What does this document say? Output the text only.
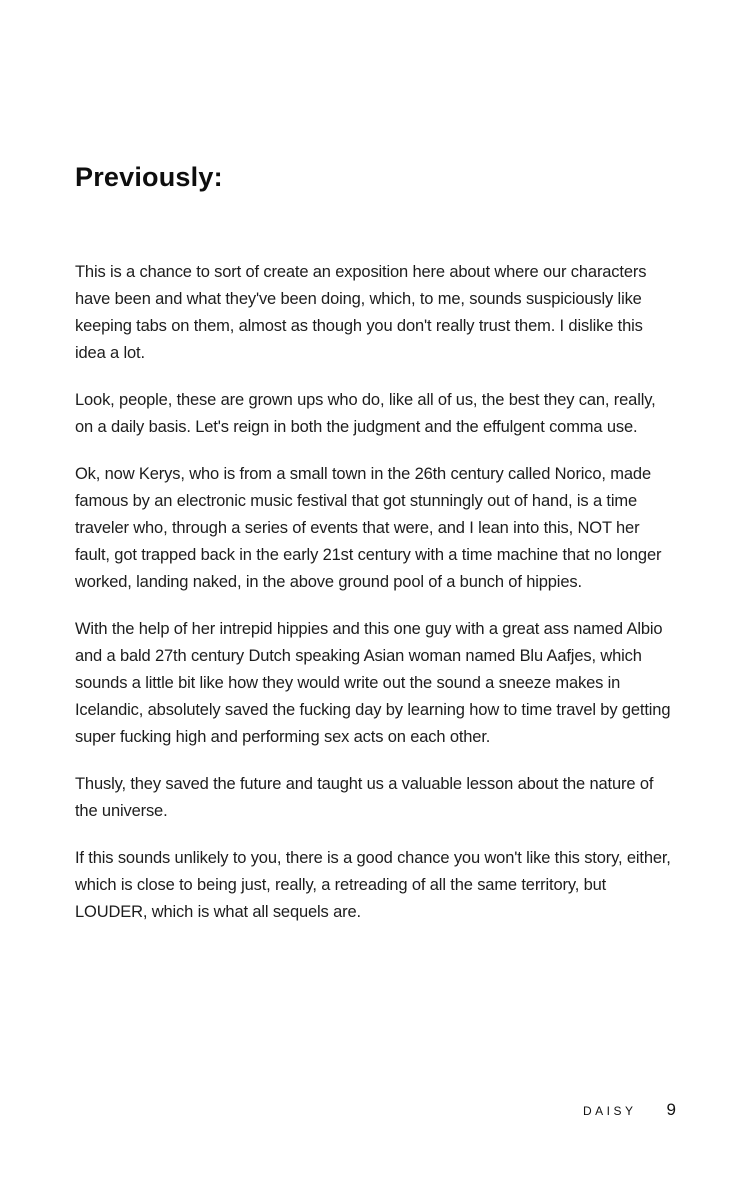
Previously:

This is a chance to sort of create an exposition here about where our characters have been and what they've been doing, which, to me, sounds suspiciously like keeping tabs on them, almost as though you don't really trust them. I dislike this idea a lot.

Look, people, these are grown ups who do, like all of us, the best they can, really, on a daily basis. Let's reign in both the judgment and the effulgent comma use.

Ok, now Kerys, who is from a small town in the 26th century called Norico, made famous by an electronic music festival that got stunningly out of hand, is a time traveler who, through a series of events that were, and I lean into this, NOT her fault, got trapped back in the early 21st century with a time machine that no longer worked, landing naked, in the above ground pool of a bunch of hippies.

With the help of her intrepid hippies and this one guy with a great ass named Albio and a bald 27th century Dutch speaking Asian woman named Blu Aafjes, which sounds a little bit like how they would write out the sound a sneeze makes in Icelandic, absolutely saved the fucking day by learning how to time travel by getting super fucking high and performing sex acts on each other.

Thusly, they saved the future and taught us a valuable lesson about the nature of the universe.

If this sounds unlikely to you, there is a good chance you won't like this story, either, which is close to being just, really, a retreading of all the same territory, but LOUDER, which is what all sequels are.

DAISY 9
